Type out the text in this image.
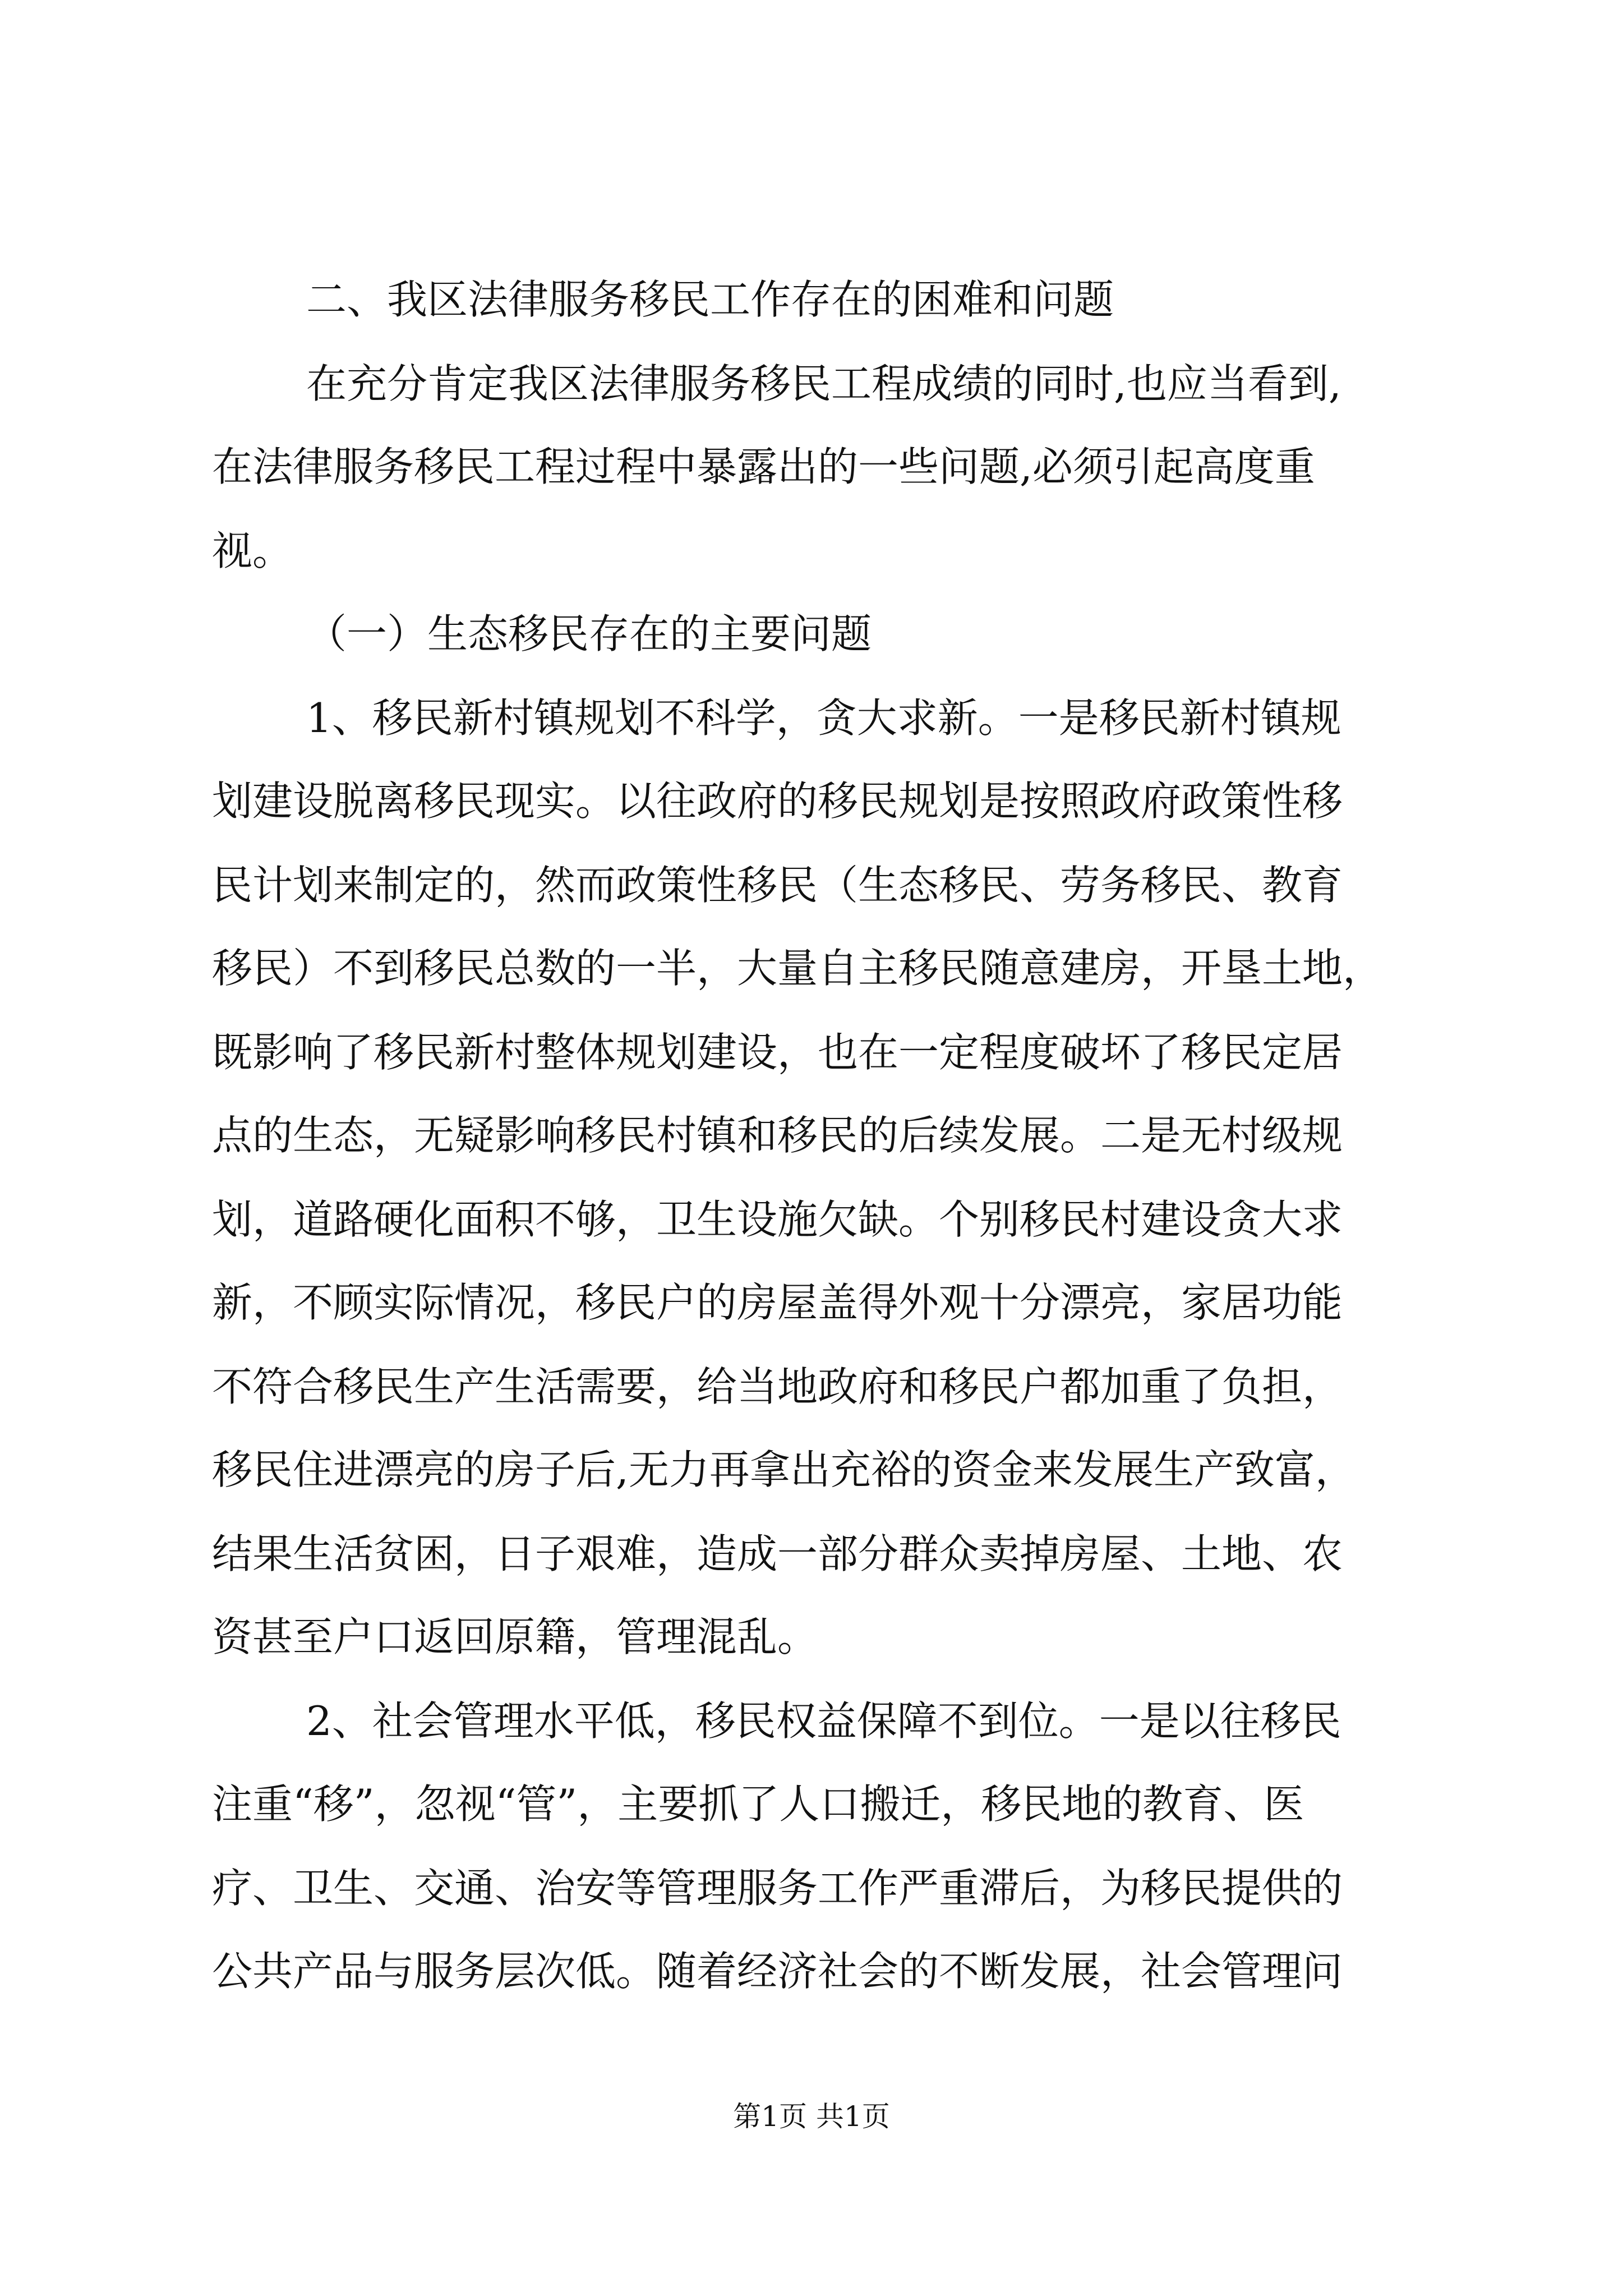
二、我区法律服务移民工作存在的困难和问题

在充分肯定我区法律服务移民工程成绩的同时,也应当看到,

在法律服务移民工程过程中暴露出的一些问题,必须引起高度重

视。

（一）生态移民存在的主要问题

1、移民新村镇规划不科学，贪大求新。一是移民新村镇规

划建设脱离移民现实。以往政府的移民规划是按照政府政策性移

民计划来制定的，然而政策性移民（生态移民、劳务移民、教育

移民）不到移民总数的一半，大量自主移民随意建房，开垦土地，

既影响了移民新村整体规划建设，也在一定程度破坏了移民定居

点的生态，无疑影响移民村镇和移民的后续发展。二是无村级规

划，道路硬化面积不够，卫生设施欠缺。个别移民村建设贪大求

新，不顾实际情况，移民户的房屋盖得外观十分漂亮，家居功能

不符合移民生产生活需要，给当地政府和移民户都加重了负担，

移民住进漂亮的房子后,无力再拿出充裕的资金来发展生产致富，

结果生活贫困，日子艰难，造成一部分群众卖掉房屋、土地、农

资甚至户口返回原籍，管理混乱。

2、社会管理水平低，移民权益保障不到位。一是以往移民

注重“移”，忽视“管”，主要抓了人口搬迁，移民地的教育、医

疗、卫生、交通、治安等管理服务工作严重滞后，为移民提供的

公共产品与服务层次低。随着经济社会的不断发展，社会管理问

第1页 共1页
